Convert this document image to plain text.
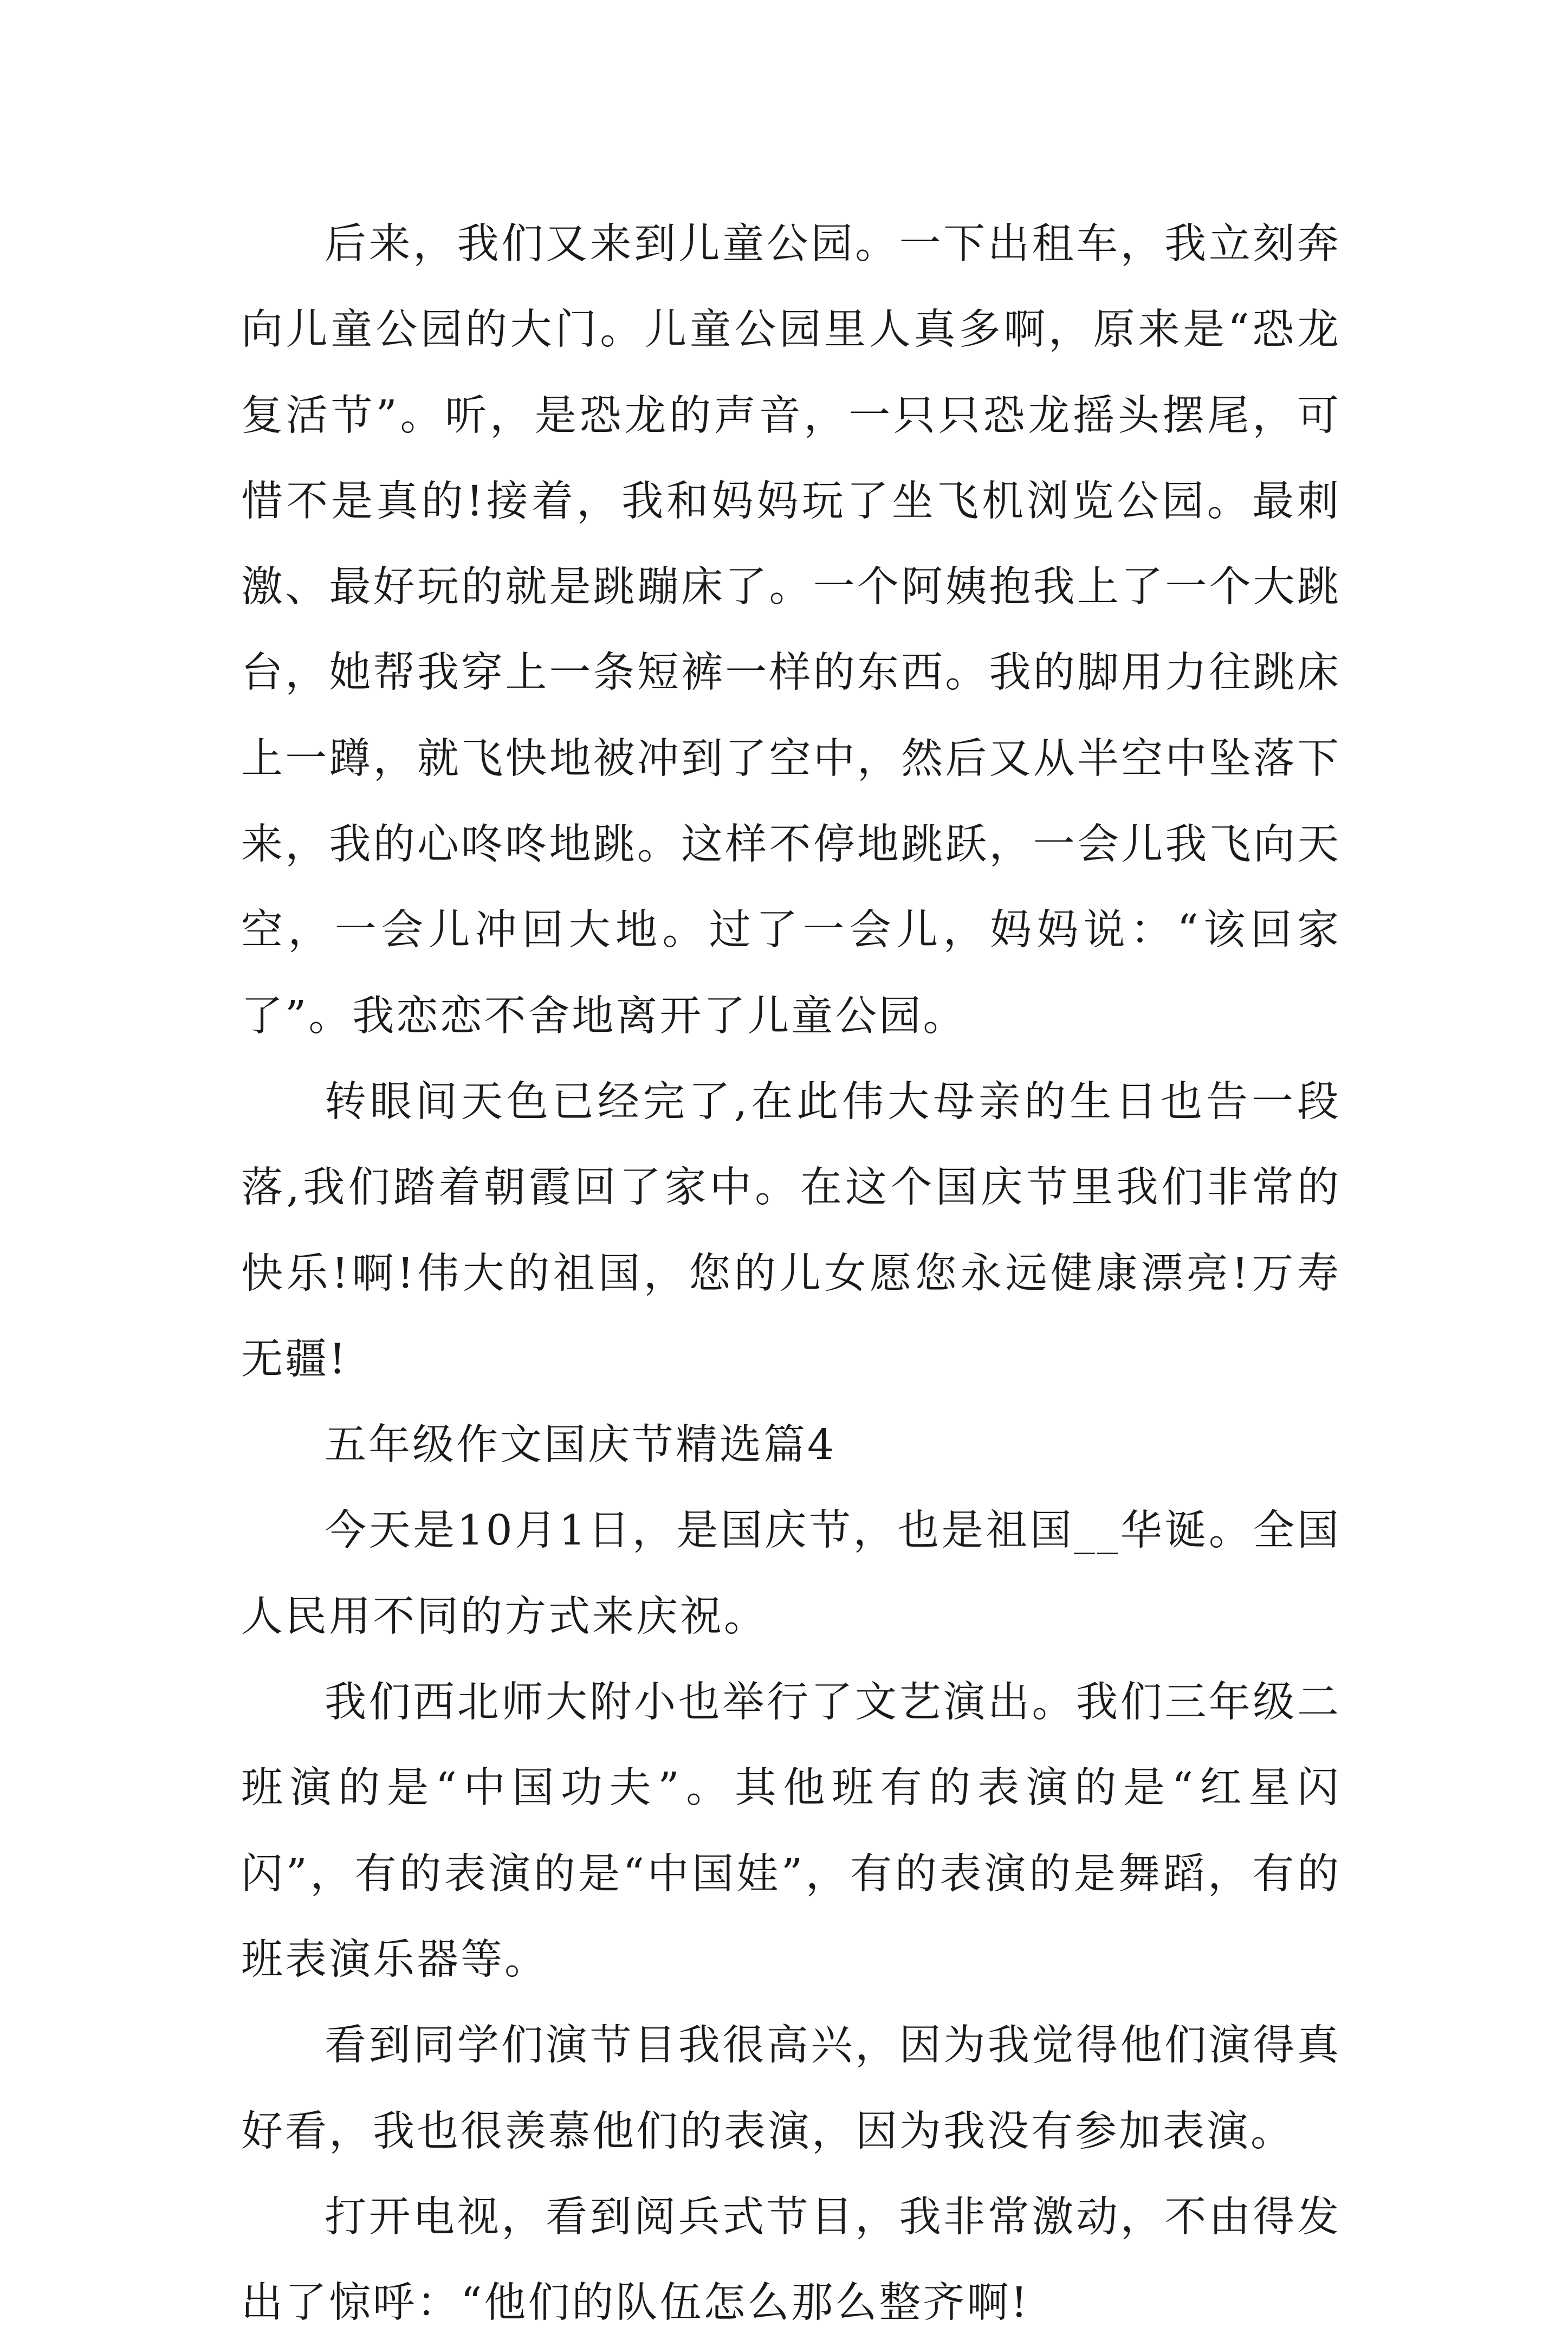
后来，我们又来到儿童公园。一下出租车，我立刻奔向儿童公园的大门。儿童公园里人真多啊，原来是“恐龙复活节”。听，是恐龙的声音，一只只恐龙摇头摆尾，可惜不是真的!接着，我和妈妈玩了坐飞机浏览公园。最刺激、最好玩的就是跳蹦床了。一个阿姨抱我上了一个大跳台，她帮我穿上一条短裤一样的东西。我的脚用力往跳床上一蹲，就飞快地被冲到了空中，然后又从半空中坠落下来，我的心咚咚地跳。这样不停地跳跃，一会儿我飞向天空，一会儿冲回大地。过了一会儿，妈妈说：“该回家了”。我恋恋不舍地离开了儿童公园。

转眼间天色已经完了,在此伟大母亲的生日也告一段落,我们踏着朝霞回了家中。在这个国庆节里我们非常的快乐!啊!伟大的祖国，您的儿女愿您永远健康漂亮!万寿无疆!

五年级作文国庆节精选篇4

今天是10月1日，是国庆节，也是祖国__华诞。全国人民用不同的方式来庆祝。

我们西北师大附小也举行了文艺演出。我们三年级二班演的是“中国功夫”。其他班有的表演的是“红星闪闪”，有的表演的是“中国娃”，有的表演的是舞蹈，有的班表演乐器等。

看到同学们演节目我很高兴，因为我觉得他们演得真好看，我也很羡慕他们的表演，因为我没有参加表演。

打开电视，看到阅兵式节目，我非常激动，不由得发出了惊呼：“他们的队伍怎么那么整齐啊!
